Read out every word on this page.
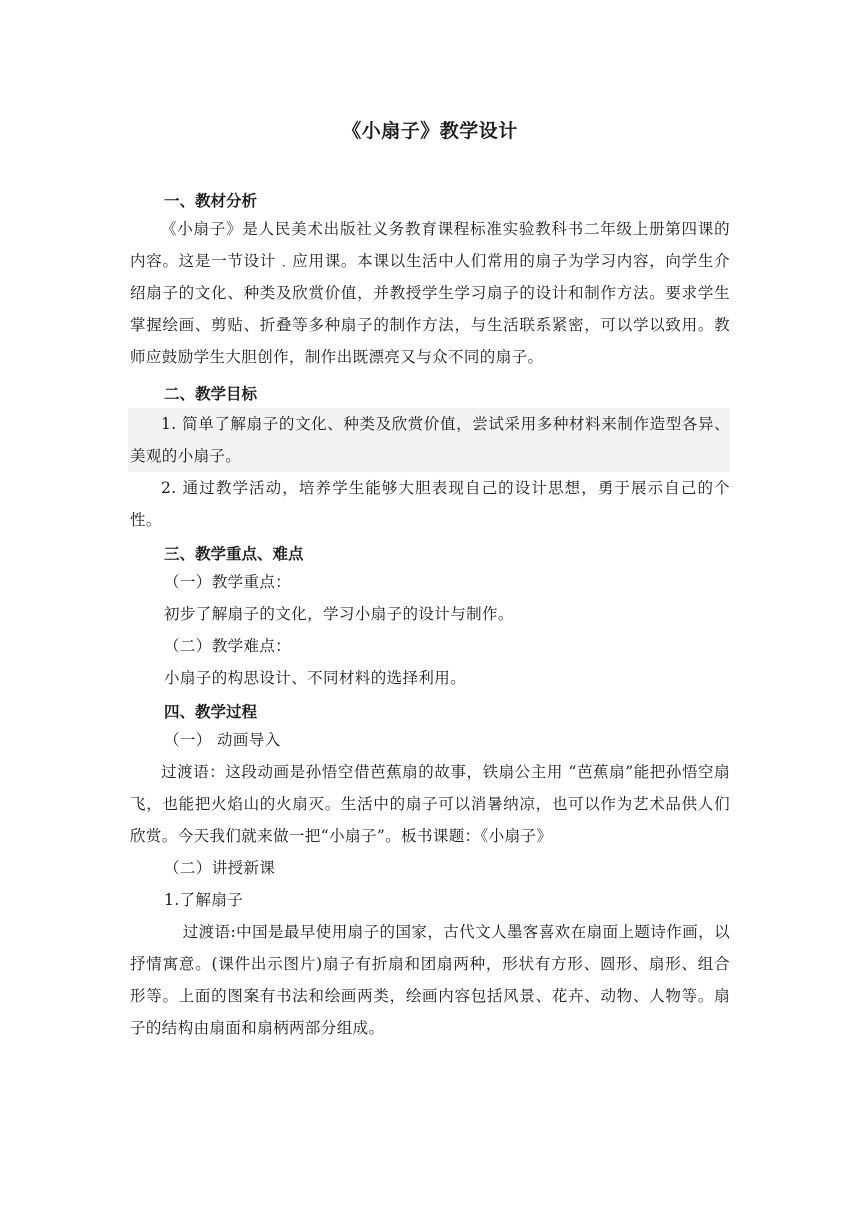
《小扇子》教学设计

一、教材分析

《小扇子》是人民美术出版社义务教育课程标准实验教科书二年级上册第四课的内容。这是一节设计﹒应用课。本课以生活中人们常用的扇子为学习内容，向学生介绍扇子的文化、种类及欣赏价值，并教授学生学习扇子的设计和制作方法。要求学生掌握绘画、剪贴、折叠等多种扇子的制作方法，与生活联系紧密，可以学以致用。教师应鼓励学生大胆创作，制作出既漂亮又与众不同的扇子。

二、教学目标

1. 简单了解扇子的文化、种类及欣赏价值，尝试采用多种材料来制作造型各异、美观的小扇子。

2. 通过教学活动，培养学生能够大胆表现自己的设计思想，勇于展示自己的个性。

三、教学重点、难点

（一）教学重点：

初步了解扇子的文化，学习小扇子的设计与制作。

（二）教学难点：

小扇子的构思设计、不同材料的选择利用。

四、教学过程

（一） 动画导入

过渡语：这段动画是孙悟空借芭蕉扇的故事，铁扇公主用 “芭蕉扇”能把孙悟空扇飞，也能把火焰山的火扇灭。生活中的扇子可以消暑纳凉，也可以作为艺术品供人们欣赏。今天我们就来做一把“小扇子”。板书课题：《小扇子》

（二）讲授新课

1.了解扇子

过渡语:中国是最早使用扇子的国家，古代文人墨客喜欢在扇面上题诗作画，以抒情寓意。(课件出示图片)扇子有折扇和团扇两种，形状有方形、圆形、扇形、组合形等。上面的图案有书法和绘画两类，绘画内容包括风景、花卉、动物、人物等。扇子的结构由扇面和扇柄两部分组成。
